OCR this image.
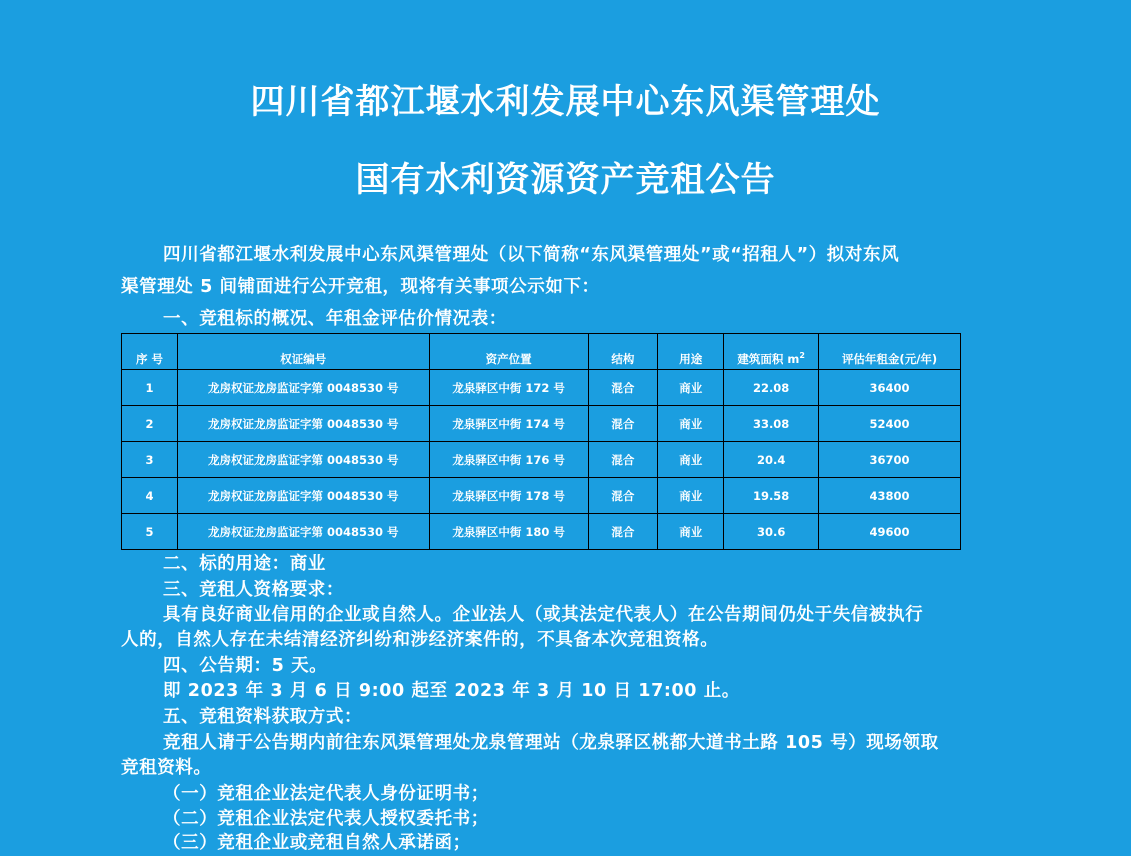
四川省都江堰水利发展中心东风渠管理处
国有水利资源资产竞租公告
四川省都江堰水利发展中心东风渠管理处（以下简称“东风渠管理处”或“招租人”）拟对东风
渠管理处 5 间铺面进行公开竞租，现将有关事项公示如下：
一、竞租标的概况、年租金评估价情况表：
序 号	权证编号	资产位置	结构	用途	建筑面积 $m^2$	评估年租金(元/年)
1	龙房权证龙房监证字第 0048530 号	龙泉驿区中街 172 号	混合	商业	22.08	36400
2	龙房权证龙房监证字第 0048530 号	龙泉驿区中街 174 号	混合	商业	33.08	52400
3	龙房权证龙房监证字第 0048530 号	龙泉驿区中街 176 号	混合	商业	20.4	36700
4	龙房权证龙房监证字第 0048530 号	龙泉驿区中街 178 号	混合	商业	19.58	43800
5	龙房权证龙房监证字第 0048530 号	龙泉驿区中街 180 号	混合	商业	30.6	49600
二、标的用途：商业
三、竞租人资格要求：
具有良好商业信用的企业或自然人。企业法人（或其法定代表人）在公告期间仍处于失信被执行
人的，自然人存在未结清经济纠纷和涉经济案件的，不具备本次竞租资格。
四、公告期：5 天。
即 2023 年 3 月 6 日 9:00 起至 2023 年 3 月 10 日 17:00 止。
五、竞租资料获取方式：
竞租人请于公告期内前往东风渠管理处龙泉管理站（龙泉驿区桃都大道书土路 105 号）现场领取
竞租资料。
（一）竞租企业法定代表人身份证明书；
（二）竞租企业法定代表人授权委托书；
（三）竞租企业或竞租自然人承诺函；
